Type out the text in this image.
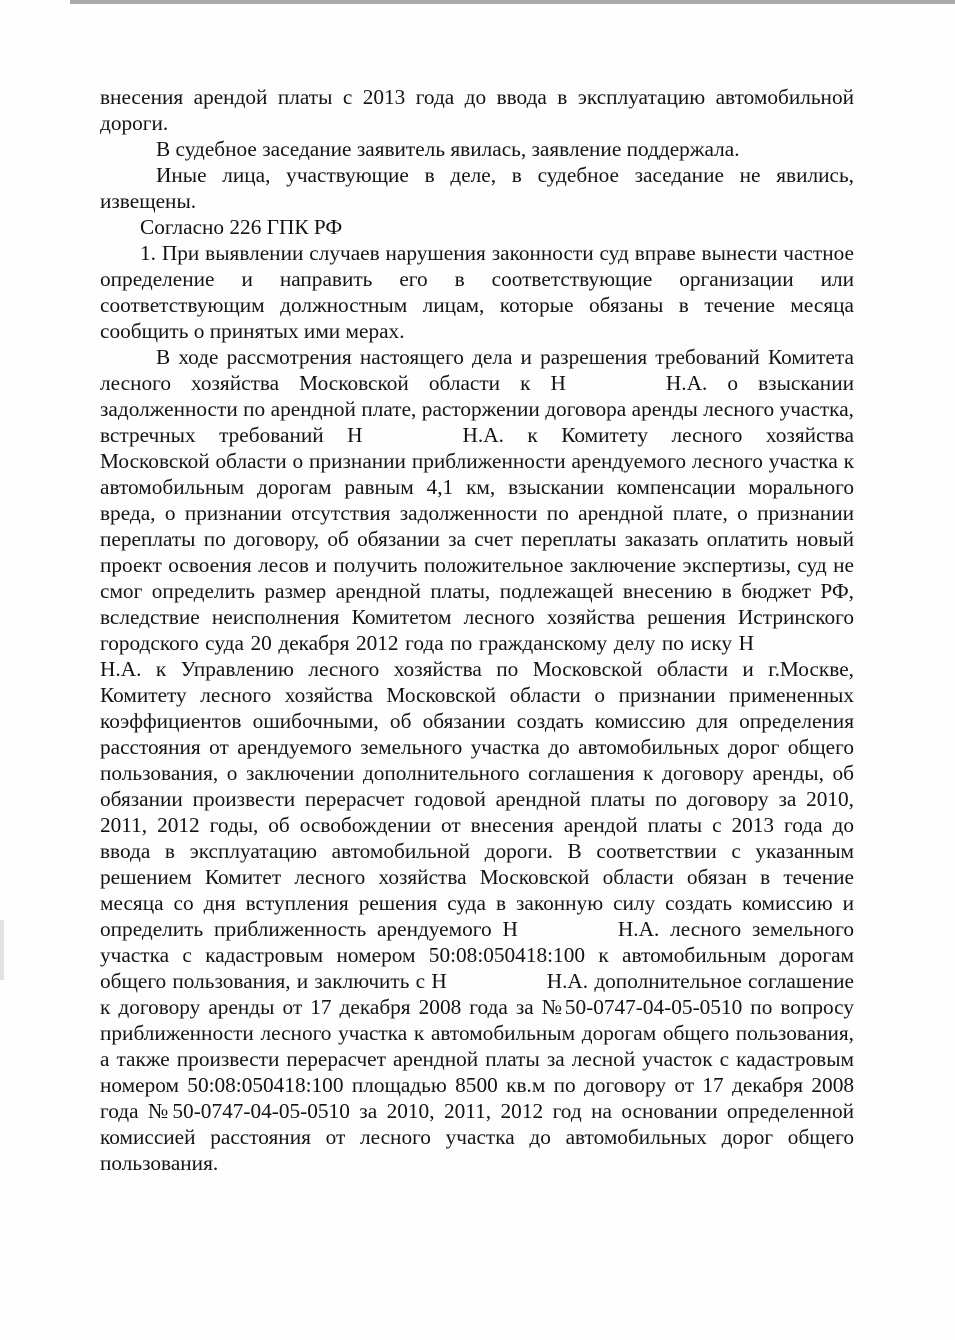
внесения арендой платы с 2013 года до ввода в эксплуатацию автомобильной дороги.

В судебное заседание заявитель явилась, заявление поддержала.

Иные лица, участвующие в деле, в судебное заседание не явились, извещены.

Согласно 226 ГПК РФ

1. При выявлении случаев нарушения законности суд вправе вынести частное определение и направить его в соответствующие организации или соответствующим должностным лицам, которые обязаны в течение месяца сообщить о принятых ими мерах.

В ходе рассмотрения настоящего дела и разрешения требований Комитета лесного хозяйства Московской области к Н	Н.А. о взыскании задолженности по арендной плате, расторжении договора аренды лесного участка, встречных требований Н	Н.А. к Комитету лесного хозяйства Московской области о признании приближенности арендуемого лесного участка к автомобильным дорогам равным 4,1 км, взыскании компенсации морального вреда, о признании отсутствия задолженности по арендной плате, о признании переплаты по договору, об обязании за счет переплаты заказать оплатить новый проект освоения лесов и получить положительное заключение экспертизы, суд не смог определить размер арендной платы, подлежащей внесению в бюджет РФ, вследствие неисполнения Комитетом лесного хозяйства решения Истринского городского суда 20 декабря 2012 года по гражданскому делу по иску НН.А. к Управлению лесного хозяйства по Московской области и г.Москве, Комитету лесного хозяйства Московской области о признании примененных коэффициентов ошибочными, об обязании создать комиссию для определения расстояния от арендуемого земельного участка до автомобильных дорог общего пользования, о заключении дополнительного соглашения к договору аренды, об обязании произвести перерасчет годовой арендной платы по договору за 2010, 2011, 2012 годы, об освобождении от внесения арендой платы с 2013 года до ввода в эксплуатацию автомобильной дороги. В соответствии с указанным решением Комитет лесного хозяйства Московской области обязан в течение месяца со дня вступления решения суда в законную силу создать комиссию и определить приближенность арендуемого Н	Н.А. лесного земельного участка с кадастровым номером 50:08:050418:100 к автомобильным дорогам общего пользования, и заключить с Н	Н.А. дополнительное соглашение к договору аренды от 17 декабря 2008 года за №50-0747-04-05-0510 по вопросу приближенности лесного участка к автомобильным дорогам общего пользования, а также произвести перерасчет арендной платы за лесной участок с кадастровым номером 50:08:050418:100 площадью 8500 кв.м по договору от 17 декабря 2008 года №50-0747-04-05-0510 за 2010, 2011, 2012 год на основании определенной комиссией расстояния от лесного участка до автомобильных дорог общего пользования.
